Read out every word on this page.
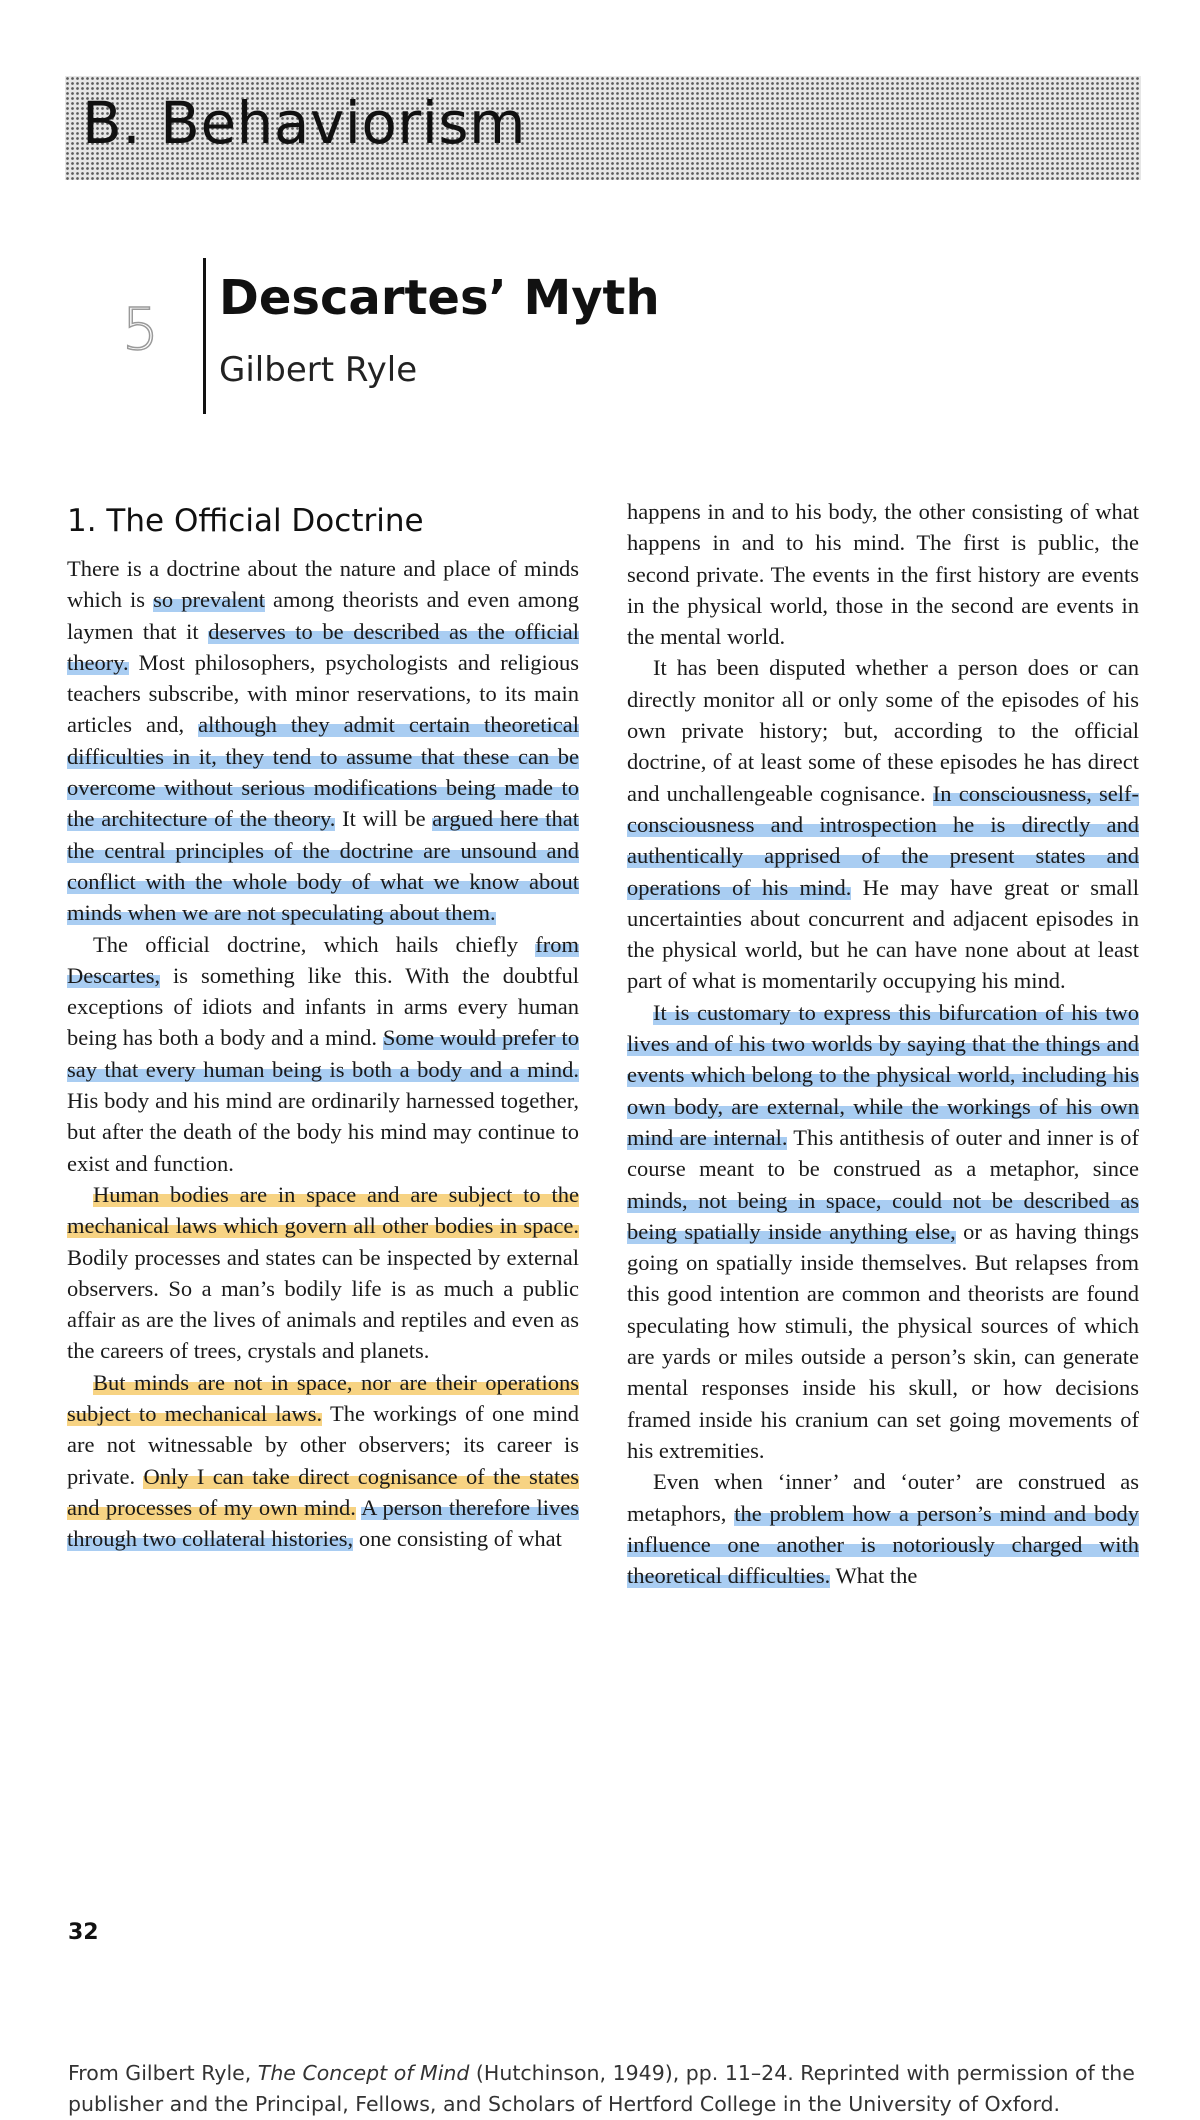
B. Behaviorism
5 Descartes’ Myth
Gilbert Ryle
1. The Official Doctrine

There is a doctrine about the nature and place of minds which is so prevalent among theorists and even among laymen that it deserves to be described as the official theory. Most philosophers, psychologists and religious teachers subscribe, with minor reservations, to its main articles and, although they admit certain theoretical difficulties in it, they tend to assume that these can be overcome without serious modifications being made to the architecture of the theory. It will be argued here that the central principles of the doctrine are unsound and conflict with the whole body of what we know about minds when we are not speculating about them.

The official doctrine, which hails chiefly from Descartes, is something like this. With the doubtful exceptions of idiots and infants in arms every human being has both a body and a mind. Some would prefer to say that every human being is both a body and a mind. His body and his mind are ordinarily harnessed together, but after the death of the body his mind may continue to exist and function.

Human bodies are in space and are subject to the mechanical laws which govern all other bodies in space. Bodily processes and states can be inspected by external observers. So a man’s bodily life is as much a public affair as are the lives of animals and reptiles and even as the careers of trees, crystals and planets.

But minds are not in space, nor are their operations subject to mechanical laws. The workings of one mind are not witnessable by other observers; its career is private. Only I can take direct cognisance of the states and processes of my own mind. A person therefore lives through two collateral histories, one consisting of what

happens in and to his body, the other consisting of what happens in and to his mind. The first is public, the second private. The events in the first history are events in the physical world, those in the second are events in the mental world.

It has been disputed whether a person does or can directly monitor all or only some of the episodes of his own private history; but, according to the official doctrine, of at least some of these episodes he has direct and unchallengeable cognisance. In consciousness, self-consciousness and introspection he is directly and authentically apprised of the present states and operations of his mind. He may have great or small uncertainties about concurrent and adjacent episodes in the physical world, but he can have none about at least part of what is momentarily occupying his mind.

It is customary to express this bifurcation of his two lives and of his two worlds by saying that the things and events which belong to the physical world, including his own body, are external, while the workings of his own mind are internal. This antithesis of outer and inner is of course meant to be construed as a metaphor, since minds, not being in space, could not be described as being spatially inside anything else, or as having things going on spatially inside themselves. But relapses from this good intention are common and theorists are found speculating how stimuli, the physical sources of which are yards or miles outside a person’s skin, can generate mental responses inside his skull, or how decisions framed inside his cranium can set going movements of his extremities.

Even when ‘inner’ and ‘outer’ are construed as metaphors, the problem how a person’s mind and body influence one another is notoriously charged with theoretical difficulties. What the

From Gilbert Ryle, The Concept of Mind (Hutchinson, 1949), pp. 11–24. Reprinted with permission of the publisher and the Principal, Fellows, and Scholars of Hertford College in the University of Oxford.

32
